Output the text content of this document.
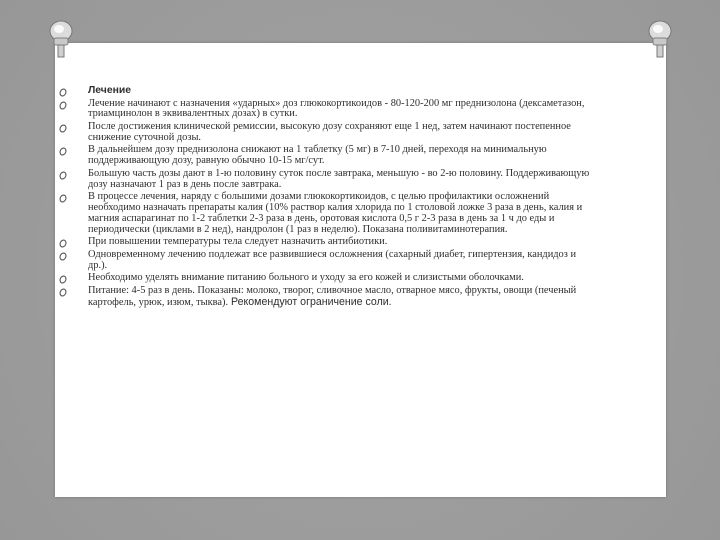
Лечение
Лечение начинают с назначения «ударных» доз глюкокортикоидов - 80-120-200 мг преднизолона (дексаметазон, триамцинолон в эквивалентных дозах) в сутки.
После достижения клинической ремиссии, высокую дозу сохраняют еще 1 нед, затем начинают постепенное снижение суточной дозы.
В дальнейшем дозу преднизолона снижают на 1 таблетку (5 мг) в 7-10 дней, переходя на минимальную поддерживающую дозу, равную обычно 10-15 мг/сут.
Большую часть дозы дают в 1-ю половину суток после завтрака, меньшую - во 2-ю половину. Поддерживающую дозу назначают 1 раз в день после завтрака.
В процессе лечения, наряду с большими дозами глюкокортикоидов, с целью профилактики осложнений необходимо назначать препараты калия (10% раствор калия хлорида по 1 столовой ложке 3 раза в день, калия и магния аспарагинат по 1-2 таблетки 2-3 раза в день, оротовая кислота 0,5 г 2-3 раза в день за 1 ч до еды и периодически (циклами в 2 нед), нандролон (1 раз в неделю). Показана поливитаминотерапия.
При повышении температуры тела следует назначить антибиотики.
Одновременному лечению подлежат все развившиеся осложнения (сахарный диабет, гипертензия, кандидоз и др.).
Необходимо уделять внимание питанию больного и уходу за его кожей и слизистыми оболочками.
Питание: 4-5 раз в день. Показаны: молоко, творог, сливочное масло, отварное мясо, фрукты, овощи (печеный картофель, урюк, изюм, тыква). Рекомендуют ограничение соли.
